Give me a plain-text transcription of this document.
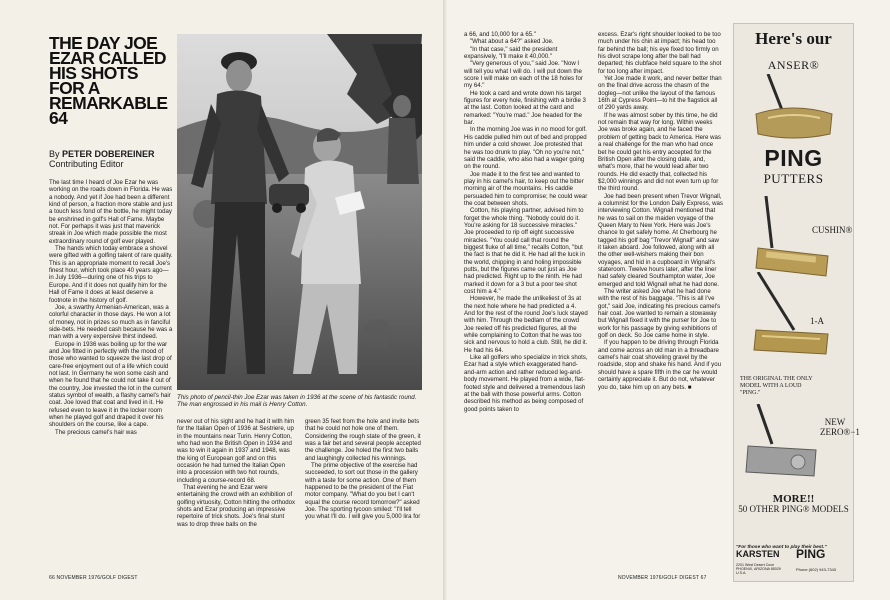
THE DAY JOE EZAR CALLED HIS SHOTS FOR A REMARKABLE 64
By PETER DOBEREINER
Contributing Editor

The last time I heard of Joe Ezar he was working on the roads down in Florida. He was a nobody. And yet if Joe had been a different kind of person, a fraction more stable and just a touch less fond of the bottle, he might today be enshrined in golf's Hall of Fame. Maybe not. For perhaps it was just that maverick streak in Joe which made possible the most extraordinary round of golf ever played.

The hands which today embrace a shovel were gifted with a golfing talent of rare quality. This is an appropriate moment to recall Joe's finest hour, which took place 40 years ago—in July 1936—during one of his trips to Europe. And if it does not qualify him for the Hall of Fame it does at least deserve a footnote in the history of golf.

Joe, a swarthy Armenian-American, was a colorful character in those days. He won a lot of money, not in prizes so much as in fanciful side-bets. He needed cash because he was a man with a very expensive thirst indeed.

Europe in 1936 was boiling up for the war and Joe fitted in perfectly with the mood of those who wanted to squeeze the last drop of care-free enjoyment out of a life which could not last. In Germany he won some cash and when he found that he could not take it out of the country, Joe invested the lot in the current status symbol of wealth, a flashy camel's hair coat. Joe loved that coat and lived in it. He refused even to leave it in the locker room when he played golf and draped it over his shoulders on the course, like a cape.

The precious camel's hair was

This photo of pencil-thin Joe Ezar was taken in 1936 at the scene of his fantastic round. The man engrossed in his mail is Henry Cotton.

never out of his sight and he had it with him for the Italian Open of 1936 at Sestriere, up in the mountains near Turin. Henry Cotton, who had won the British Open in 1934 and was to win it again in 1937 and 1948, was the king of European golf and on this occasion he had turned the Italian Open into a procession with two hot rounds, including a course-record 68.

That evening he and Ezar were entertaining the crowd with an exhibition of golfing virtuosity, Cotton hitting the orthodox shots and Ezar producing an impressive repertoire of trick shots. Joe's final stunt was to drop three balls on the

green 35 feet from the hole and invite bets that he could not hole one of them. Considering the rough state of the green, it was a fair bet and several people accepted the challenge. Joe holed the first two balls and laughingly collected his winnings.

The prime objective of the exercise had succeeded, to sort out those in the gallery with a taste for some action. One of them happened to be the president of the Fiat motor company. "What do you bet I can't equal the course record tomorrow?" asked Joe. The sporting tycoon smiled: "I'll tell you what I'll do. I will give you 5,000 lira for

a 66, and 10,000 for a 65."

"What about a 64?" asked Joe.

"In that case," said the president expansively, "I'll make it 40,000."

"Very generous of you," said Joe. "Now I will tell you what I will do. I will put down the score I will make on each of the 18 holes for my 64."

He took a card and wrote down his target figures for every hole, finishing with a birdie 3 at the last. Cotton looked at the card and remarked: "You're mad." Joe headed for the bar.

In the morning Joe was in no mood for golf. His caddie pulled him out of bed and propped him under a cold shower. Joe protested that he was too drunk to play. "Oh no you're not," said the caddie, who also had a wager going on the round.

Joe made it to the first tee and wanted to play in his camel's hair, to keep out the bitter morning air of the mountains. His caddie persuaded him to compromise; he could wear the coat between shots.

Cotton, his playing partner, advised him to forget the whole thing. "Nobody could do it. You're asking for 18 successive miracles." Joe proceeded to rip off eight successive miracles. "You could call that round the biggest fluke of all time," recalls Cotton, "but the fact is that he did it. He had all the luck in the world, chipping in and holing impossible putts, but the figures came out just as Joe had predicted. Right up to the ninth. He had marked it down for a 3 but a poor tee shot cost him a 4."

However, he made the unlikeliest of 3s at the next hole where he had predicted a 4. And for the rest of the round Joe's luck stayed with him. Through the bedlam of the crowd Joe reeled off his predicted figures, all the while complaining to Cotton that he was too sick and nervous to hold a club. Still, he did it. He had his 64.

Like all golfers who specialize in trick shots, Ezar had a style which exaggerated hand-and-arm action and rather reduced leg-and-body movement. He played from a wide, flat-footed style and delivered a tremendous lash at the ball with those powerful arms. Cotton described his method as being composed of good points taken to

excess. Ezar's right shoulder looked to be too much under his chin at impact; his head too far behind the ball; his eye fixed too firmly on his divot scrape long after the ball had departed; his clubface held square to the shot for too long after impact.

Yet Joe made it work, and never better than on the final drive across the chasm of the dogleg—not unlike the layout of the famous 16th at Cypress Point—to hit the flagstick all of 290 yards away.

If he was almost sober by this time, he did not remain that way for long. Within weeks Joe was broke again, and he faced the problem of getting back to America. Here was a real challenge for the man who had once bet he could get his entry accepted for the British Open after the closing date, and, what's more, that he would lead after two rounds. He did exactly that, collected his $2,000 winnings and did not even turn up for the third round.

Joe had been present when Trevor Wignall, a columnist for the London Daily Express, was interviewing Cotton. Wignall mentioned that he was to sail on the maiden voyage of the Queen Mary to New York. Here was Joe's chance to get safely home. At Cherbourg he tagged his golf bag "Trevor Wignall" and saw it taken aboard. Joe followed, along with all the other well-wishers making their bon voyages, and hid in a cupboard in Wignall's stateroom. Twelve hours later, after the liner had safely cleared Southampton water, Joe emerged and told Wignall what he had done.

The writer asked Joe what he had done with the rest of his baggage. "This is all I've got," said Joe, indicating his precious camel's hair coat. Joe wanted to remain a stowaway but Wignall fixed it with the purser for Joe to work for his passage by giving exhibitions of golf on deck. So Joe came home in style.

If you happen to be driving through Florida and come across an old man in a threadbare camel's hair coat shoveling gravel by the roadside, stop and shake his hand. And if you should have a spare fifth in the car he would certainly appreciate it. But do not, whatever you do, take him up on any bets. ■

66 NOVEMBER 1976/GOLF DIGEST	NOVEMBER 1976/GOLF DIGEST 67
Here's our
ANSER®
PING
PUTTERS
CUSHIN®
1-A
THE ORIGINAL THE ONLY MODEL WITH A LOUD "PING."
NEW ZERO®−1
MORE!!
50 OTHER PING® MODELS
"For those who want to play their best."
KARSTEN PING
2201 West Desert Cove PHOENIX, ARIZONA 85029 U.S.A.
Phone (602) 943-7343
